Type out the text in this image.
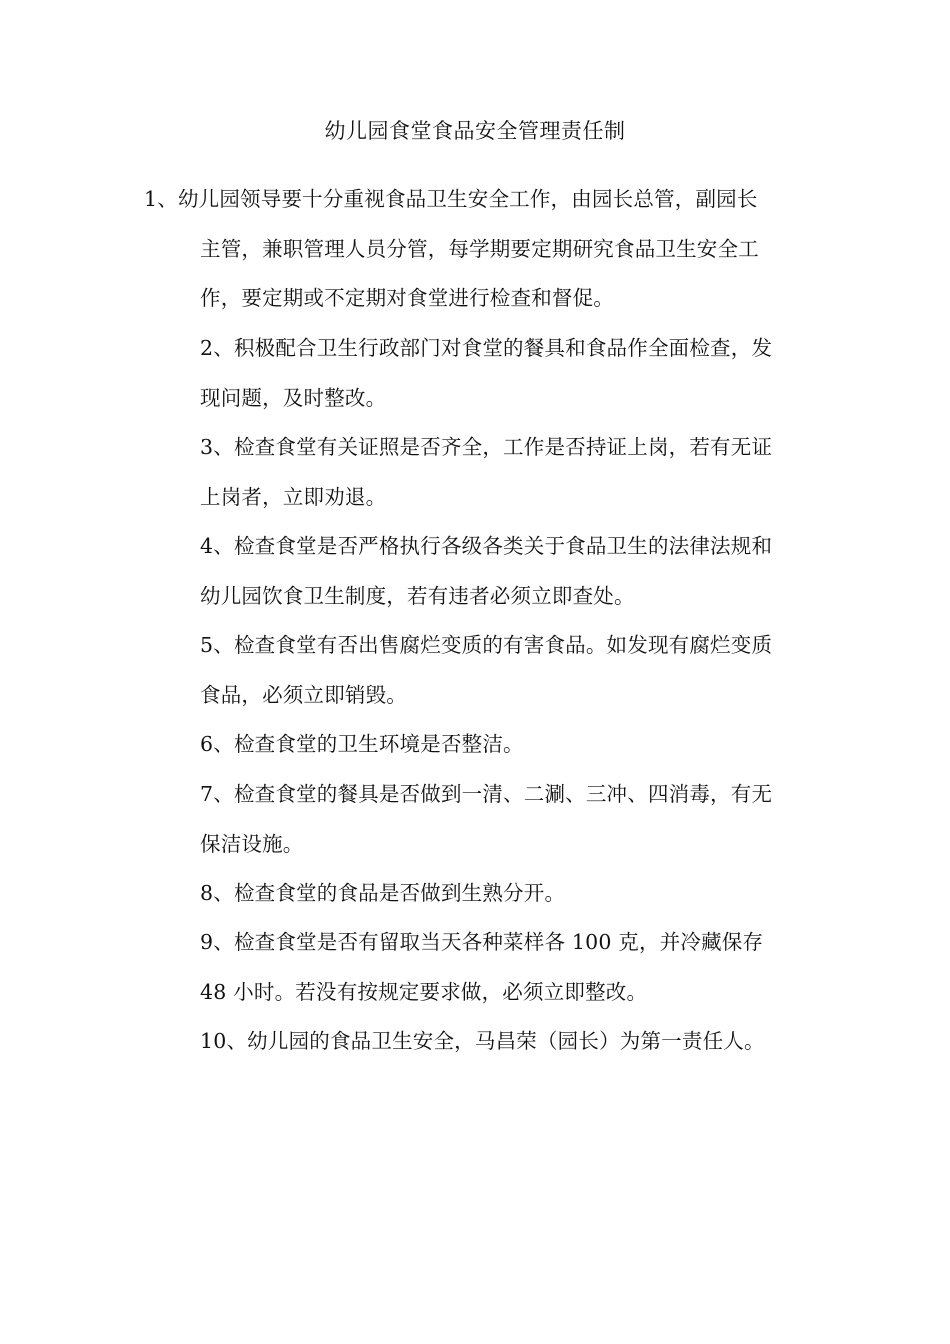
幼儿园食堂食品安全管理责任制
1、幼儿园领导要十分重视食品卫生安全工作，由园长总管，副园长
主管，兼职管理人员分管，每学期要定期研究食品卫生安全工
作，要定期或不定期对食堂进行检查和督促。
2、积极配合卫生行政部门对食堂的餐具和食品作全面检查，发
现问题，及时整改。
3、检查食堂有关证照是否齐全，工作是否持证上岗，若有无证
上岗者，立即劝退。
4、检查食堂是否严格执行各级各类关于食品卫生的法律法规和
幼儿园饮食卫生制度，若有违者必须立即查处。
5、检查食堂有否出售腐烂变质的有害食品。如发现有腐烂变质
食品，必须立即销毁。
6、检查食堂的卫生环境是否整洁。
7、检查食堂的餐具是否做到一清、二涮、三冲、四消毒，有无
保洁设施。
8、检查食堂的食品是否做到生熟分开。
9、检查食堂是否有留取当天各种菜样各 100 克，并冷藏保存
48 小时。若没有按规定要求做，必须立即整改。
10、幼儿园的食品卫生安全，马昌荣（园长）为第一责任人。
